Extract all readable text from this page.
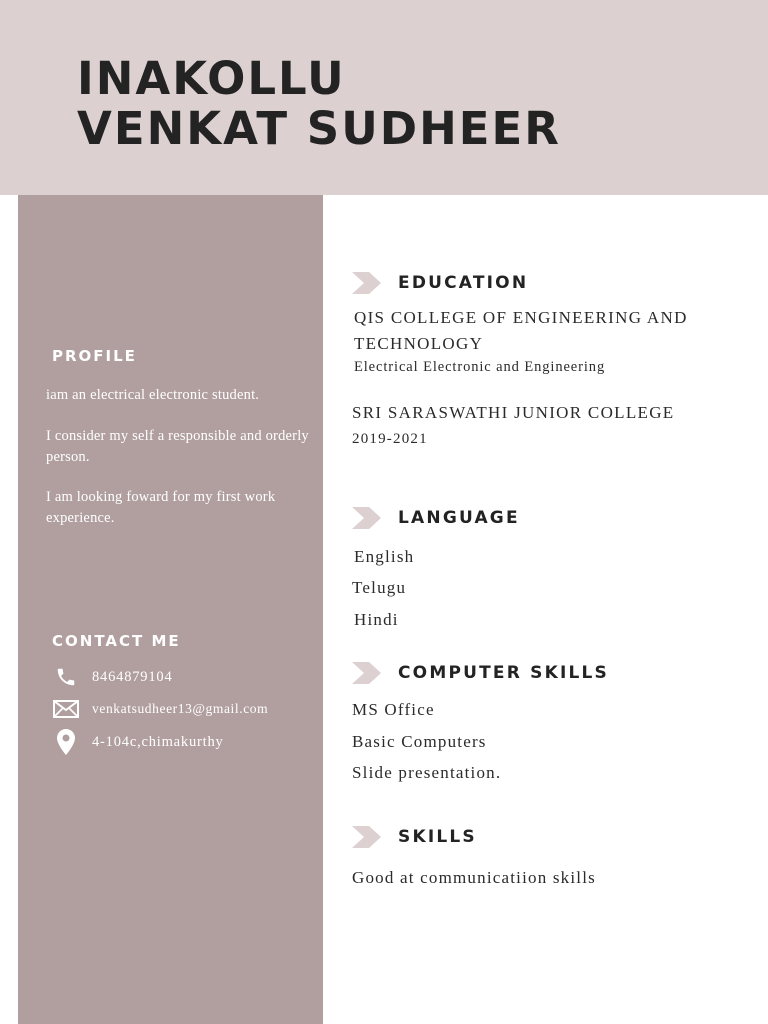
INAKOLLU
VENKAT SUDHEER
PROFILE

iam an electrical electronic student.

I consider my self a responsible and orderly person.

I am looking foward for my first work experience.

CONTACT ME
8464879104
venkatsudheer13@gmail.com
4-104c,chimakurthy
EDUCATION
QIS COLLEGE OF ENGINEERING AND TECHNOLOGY
Electrical Electronic and Engineering
SRI SARASWATHI JUNIOR COLLEGE
2019-2021
LANGUAGE
English
Telugu
Hindi
COMPUTER SKILLS
MS Office
Basic Computers
Slide presentation.
SKILLS
Good at communicatiion skills
